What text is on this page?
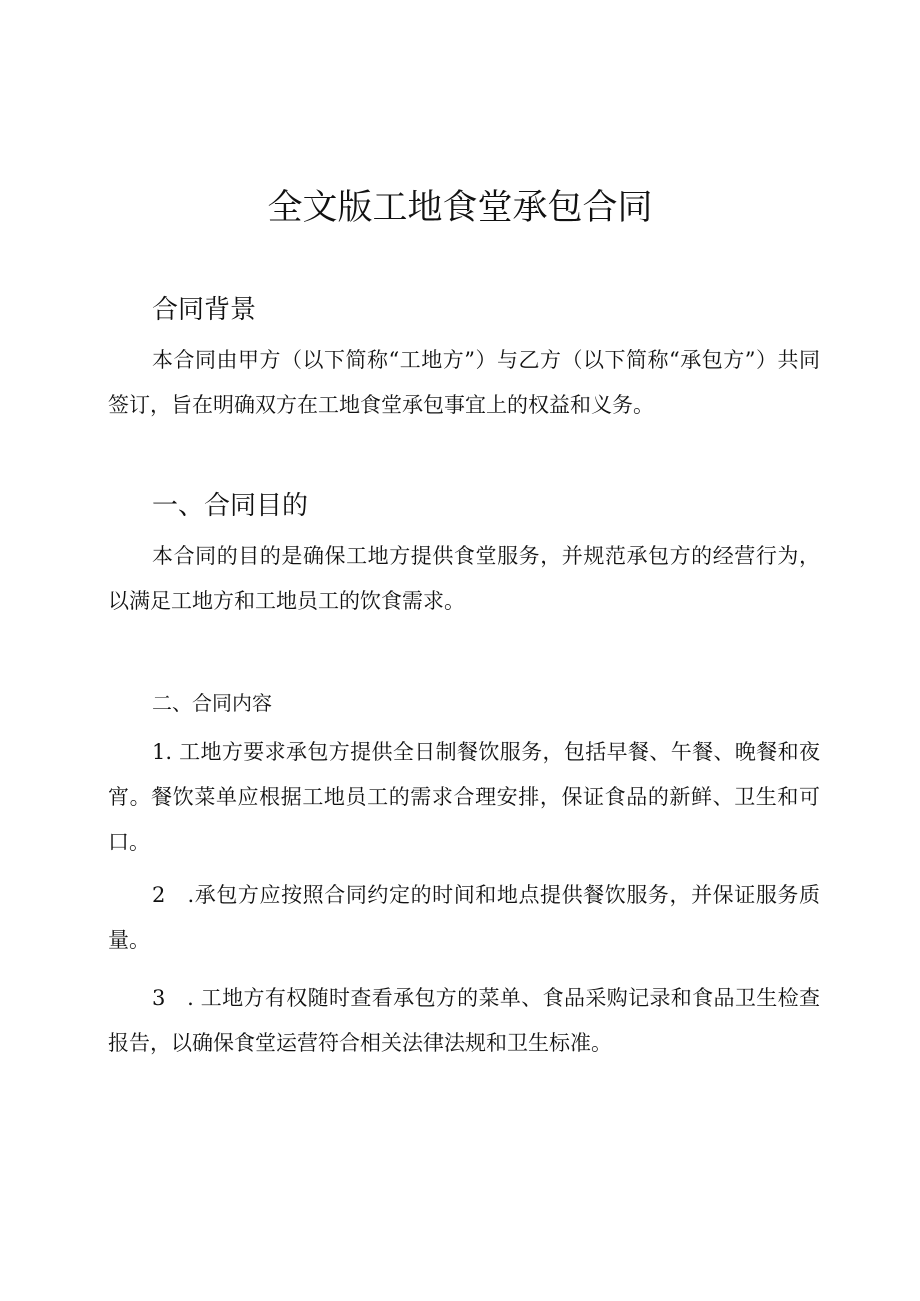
全文版工地食堂承包合同
合同背景

本合同由甲方（以下简称“工地方”）与乙方（以下简称“承包方”）共同签订，旨在明确双方在工地食堂承包事宜上的权益和义务。

一、合同目的

本合同的目的是确保工地方提供食堂服务，并规范承包方的经营行为，以满足工地方和工地员工的饮食需求。

二、合同内容

1. 工地方要求承包方提供全日制餐饮服务，包括早餐、午餐、晚餐和夜宵。餐饮菜单应根据工地员工的需求合理安排，保证食品的新鲜、卫生和可口。

2　.承包方应按照合同约定的时间和地点提供餐饮服务，并保证服务质量。

3　. 工地方有权随时查看承包方的菜单、食品采购记录和食品卫生检查报告，以确保食堂运营符合相关法律法规和卫生标准。
